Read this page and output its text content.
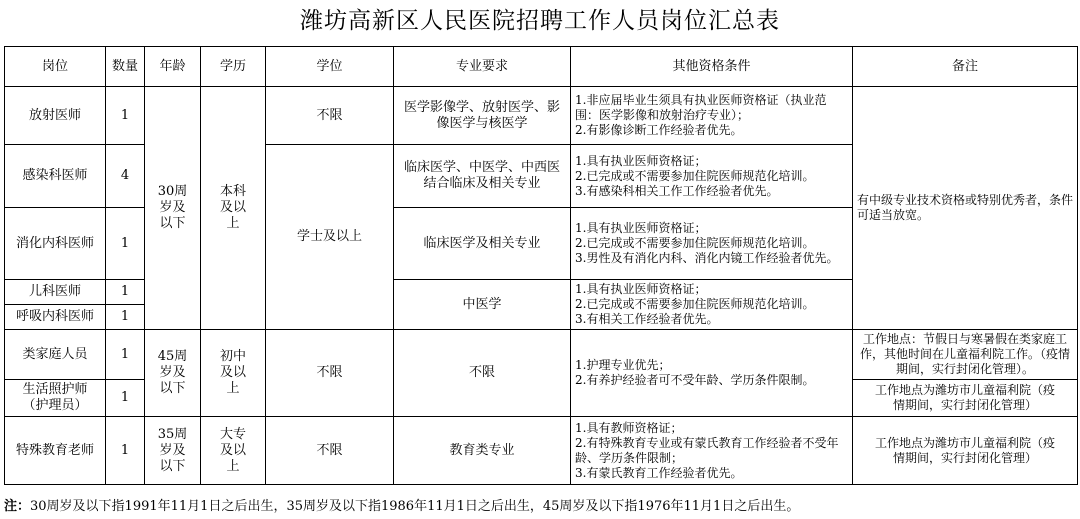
潍坊高新区人民医院招聘工作人员岗位汇总表
岗位	数量	年龄	学历	学位	专业要求	其他资格条件	备注
放射医师	1	30周岁及以下	本科及以上	不限	医学影像学、放射医学、影像医学与核医学	1.非应届毕业生须具有执业医师资格证（执业范围：医学影像和放射治疗专业）；
2.有影像诊断工作经验者优先。	有中级专业技术资格或特别优秀者，条件可适当放宽。
感染科医师	4			学士及以上	临床医学、中医学、中西医结合临床及相关专业	1.具有执业医师资格证；
2.已完成或不需要参加住院医师规范化培训。
3.有感染科相关工作工作经验者优先。	

消化内科医师	1				临床医学及相关专业	1.具有执业医师资格证；
2.已完成或不需要参加住院医师规范化培训。
3.男性及有消化内科、消化内镜工作经验者优先。	

儿科医师	1				中医学	1.具有执业医师资格证；
2.已完成或不需要参加住院医师规范化培训。
3.有相关工作经验者优先。	

呼吸内科医师	1						
类家庭人员	1	45周岁及以下	初中及以上	不限	不限	1.护理专业优先；
2.有养护经验者可不受年龄、学历条件限制。	工作地点：节假日与寒暑假在类家庭工作，其他时间在儿童福利院工作。（疫情期间，实行封闭化管理）。
生活照护师（护理员）	1						工作地点为潍坊市儿童福利院（疫情期间，实行封闭化管理）
特殊教育老师	1	35周岁及以下	大专及以上	不限	教育类专业	1.具有教师资格证；
2.有特殊教育专业或有蒙氏教育工作经验者不受年龄、学历条件限制；
3.有蒙氏教育工作经验者优先。	工作地点为潍坊市儿童福利院（疫情期间，实行封闭化管理）
注：30周岁及以下指1991年11月1日之后出生，35周岁及以下指1986年11月1日之后出生，45周岁及以下指1976年11月1日之后出生。
